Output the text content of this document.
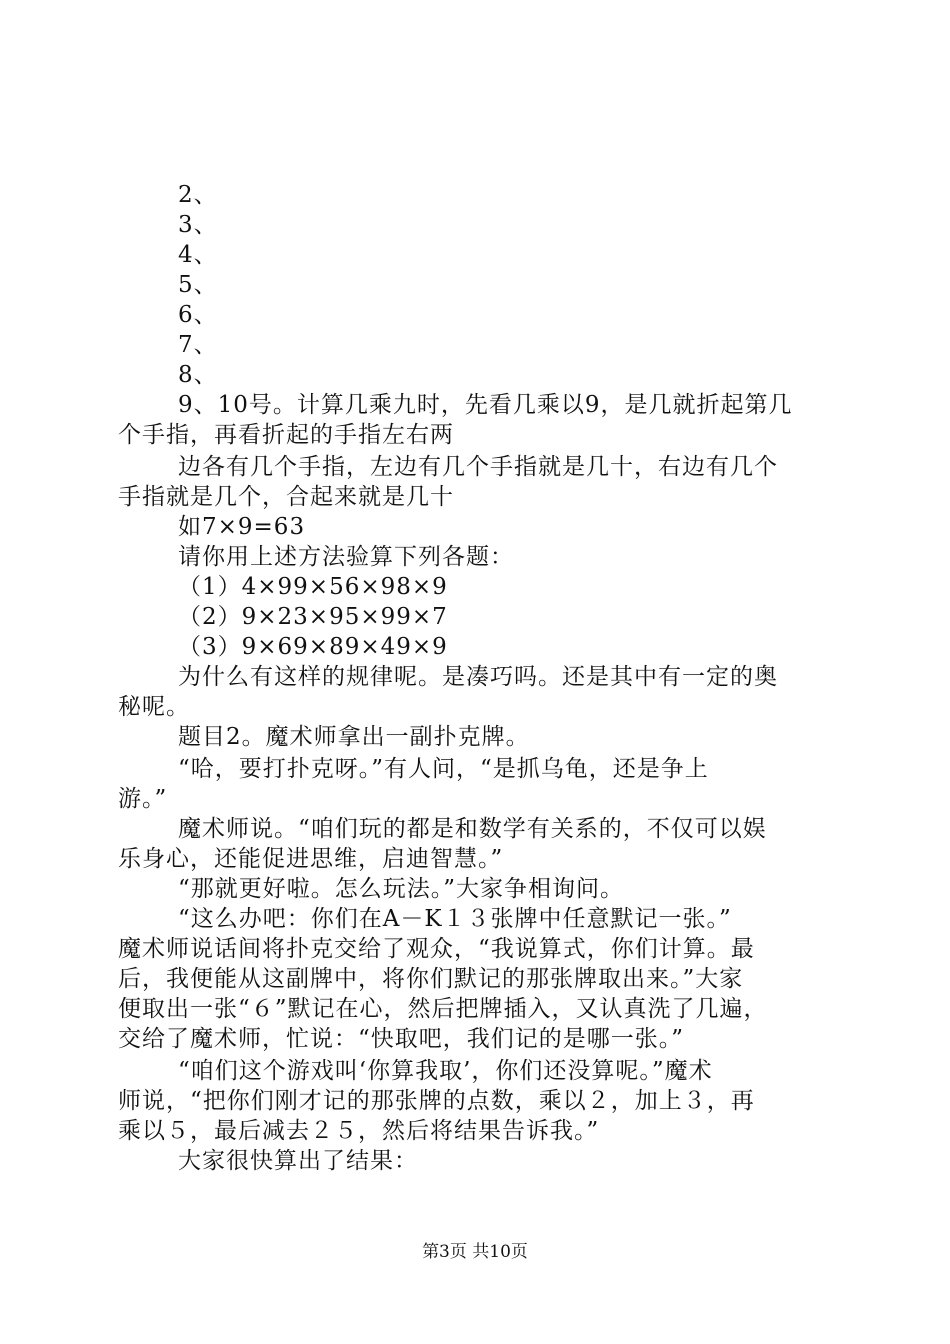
2、
3、
4、
5、
6、
7、
8、
9、10号。计算几乘九时，先看几乘以9，是几就折起第几
个手指，再看折起的手指左右两
边各有几个手指，左边有几个手指就是几十，右边有几个
手指就是几个，合起来就是几十
如7×9=63
请你用上述方法验算下列各题：
（1）4×99×56×98×9
（2）9×23×95×99×7
（3）9×69×89×49×9
为什么有这样的规律呢。是凑巧吗。还是其中有一定的奥
秘呢。
题目2。魔术师拿出一副扑克牌。
“哈，要打扑克呀。”有人问，“是抓乌龟，还是争上
游。”
魔术师说。“咱们玩的都是和数学有关系的，不仅可以娱
乐身心，还能促进思维，启迪智慧。”
“那就更好啦。怎么玩法。”大家争相询问。
“这么办吧：你们在A－K１３张牌中任意默记一张。”
魔术师说话间将扑克交给了观众，“我说算式，你们计算。最
后，我便能从这副牌中，将你们默记的那张牌取出来。”大家
便取出一张“６”默记在心，然后把牌插入，又认真洗了几遍，
交给了魔术师，忙说：“快取吧，我们记的是哪一张。”
“咱们这个游戏叫‘你算我取’，你们还没算呢。”魔术
师说，“把你们刚才记的那张牌的点数，乘以２，加上３，再
乘以５，最后减去２５，然后将结果告诉我。”
大家很快算出了结果：
第3页 共10页
